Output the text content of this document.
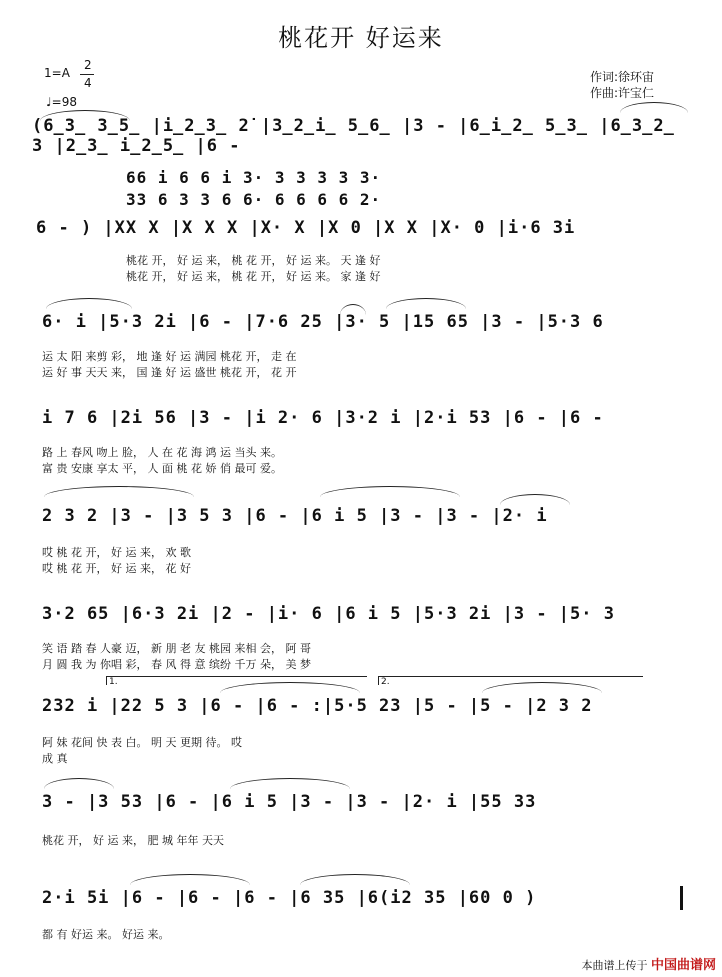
桃花开 好运来
1=A
2
4
♩=98
作词:徐环宙
作曲:许宝仁
(6̲3̲ 3̲5̲ |i̲2̲3̲ 2̇ |3̲2̲i̲ 5̲6̲ |3 - |6̲i̲2̲ 5̲3̲ |6̲3̲2̲ 3 |2̲3̲ i̲2̲5̲ |6 -
66 i 6 6 i 3· 3 3 3 3 3·
33 6 3 3 6 6· 6 6 6 6 2·
6 - ) |XX X |X X X |X· X |X 0 |X X |X· 0 |i·6 3i
桃花 开， 好 运 来， 桃 花 开， 好 运 来。 天 逢 好
桃花 开， 好 运 来， 桃 花 开， 好 运 来。 家 逢 好
6· i |5·3 2i |6 - |7·6 25 |3· 5 |15 65 |3 - |5·3 6
运 太 阳 来剪 彩， 地 逢 好 运 满园 桃花 开， 走 在
运 好 事 天天 来， 国 逢 好 运 盛世 桃花 开， 花 开
i 7 6 |2i 56 |3 - |i 2· 6 |3·2 i |2·i 53 |6 - |6 -
路 上 春风 吻上 脸， 人 在 花 海 鸿 运 当头 来。
富 贵 安康 享太 平， 人 面 桃 花 娇 俏 最可 爱。
2 3 2 |3 - |3 5 3 |6 - |6 i 5 |3 - |3 - |2· i
哎 桃 花 开， 好 运 来， 欢 歌
哎 桃 花 开， 好 运 来， 花 好
3·2 65 |6·3 2i |2 - |i· 6 |6 i 5 |5·3 2i |3 - |5· 3
笑 语 踏 春 人豪 迈， 新 朋 老 友 桃园 来相 会， 阿 哥
月 圆 我 为 你唱 彩， 春 风 得 意 缤纷 千万 朵， 美 梦
1.	2.
232 i |22 5 3 |6 - |6 - :|5·5 23 |5 - |5 - |2 3 2
阿 妹 花间 快 表 白。 明 天 更期 待。 哎
成 真
3 - |3 53 |6 - |6 i 5 |3 - |3 - |2· i |55 33
桃花 开， 好 运 来， 肥 城 年年 天天
2·i 5i |6 - |6 - |6 - |6 35 |6(i2 35 |60 0 )
都 有 好运 来。 好运 来。
本曲谱上传于 中国曲谱网
